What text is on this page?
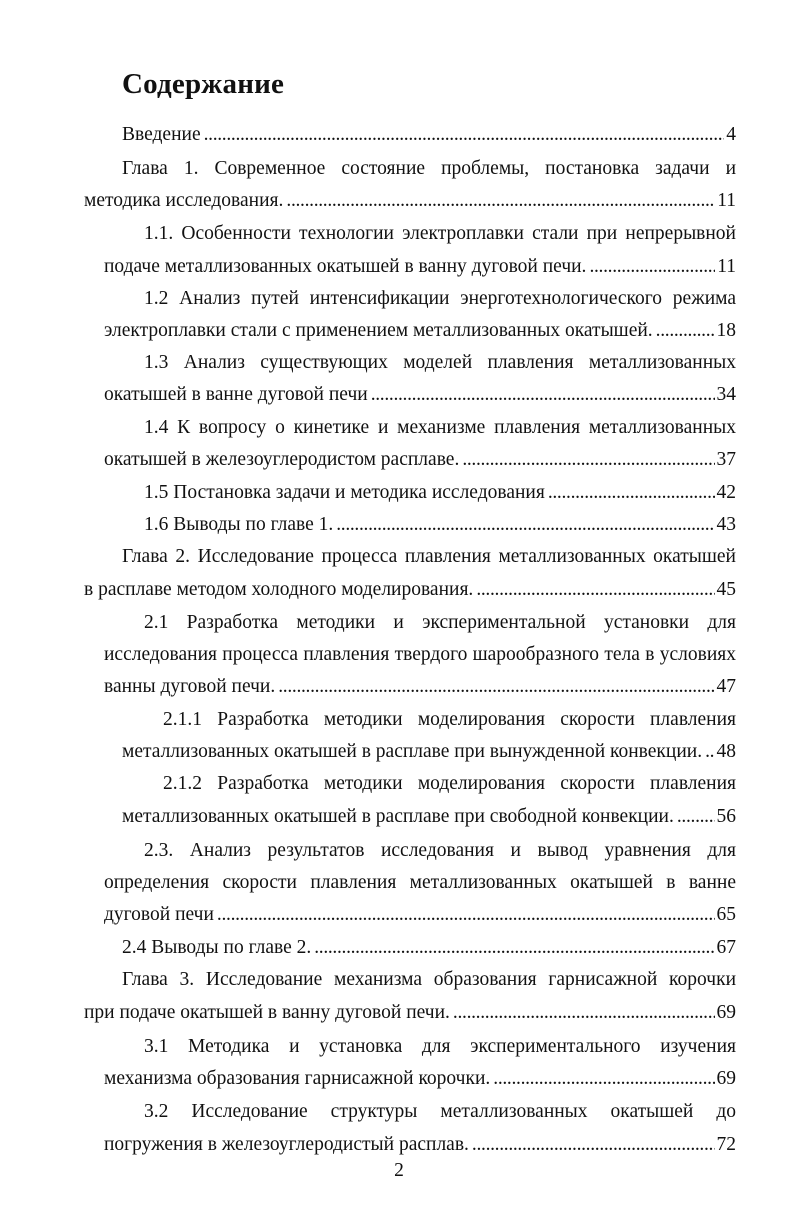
Содержание
Введение . . .	4
Глава 1. Современное состояние проблемы, постановка задачи и
методика исследования. . . .	11
1.1. Особенности технологии электроплавки стали при непрерывной
подаче металлизованных окатышей в ванну дуговой печи. . . .	11
1.2 Анализ путей интенсификации энерготехнологического режима
электроплавки стали с применением металлизованных окатышей. . . .	18
1.3 Анализ существующих моделей плавления металлизованных
окатышей в ванне дуговой печи . . .	34
1.4 К вопросу о кинетике и механизме плавления металлизованных
окатышей в железоуглеродистом расплаве. . . .	37
1.5 Постановка задачи и методика исследования . . .	42
1.6 Выводы по главе 1. . . .	43
Глава 2. Исследование процесса плавления металлизованных окатышей
в расплаве методом холодного моделирования. . . .	45
2.1 Разработка методики и экспериментальной установки для
исследования процесса плавления твердого шарообразного тела в условиях
ванны дуговой печи. . . .	47
2.1.1 Разработка методики моделирования скорости плавления
металлизованных окатышей в расплаве при вынужденной конвекции. . . . 48
2.1.2 Разработка методики моделирования скорости плавления
металлизованных окатышей в расплаве при свободной конвекции. . . . 56
2.3. Анализ результатов исследования и вывод уравнения для
определения скорости плавления металлизованных окатышей в ванне
дуговой печи . . .	65
2.4 Выводы по главе 2. . . .	67
Глава 3. Исследование механизма образования гарнисажной корочки
при подаче окатышей в ванну дуговой печи. . . .	69
3.1 Методика и установка для экспериментального изучения
механизма образования гарнисажной корочки. . . .	69
3.2 Исследование структуры металлизованных окатышей до
погружения в железоуглеродистый расплав. . . .	72
2
